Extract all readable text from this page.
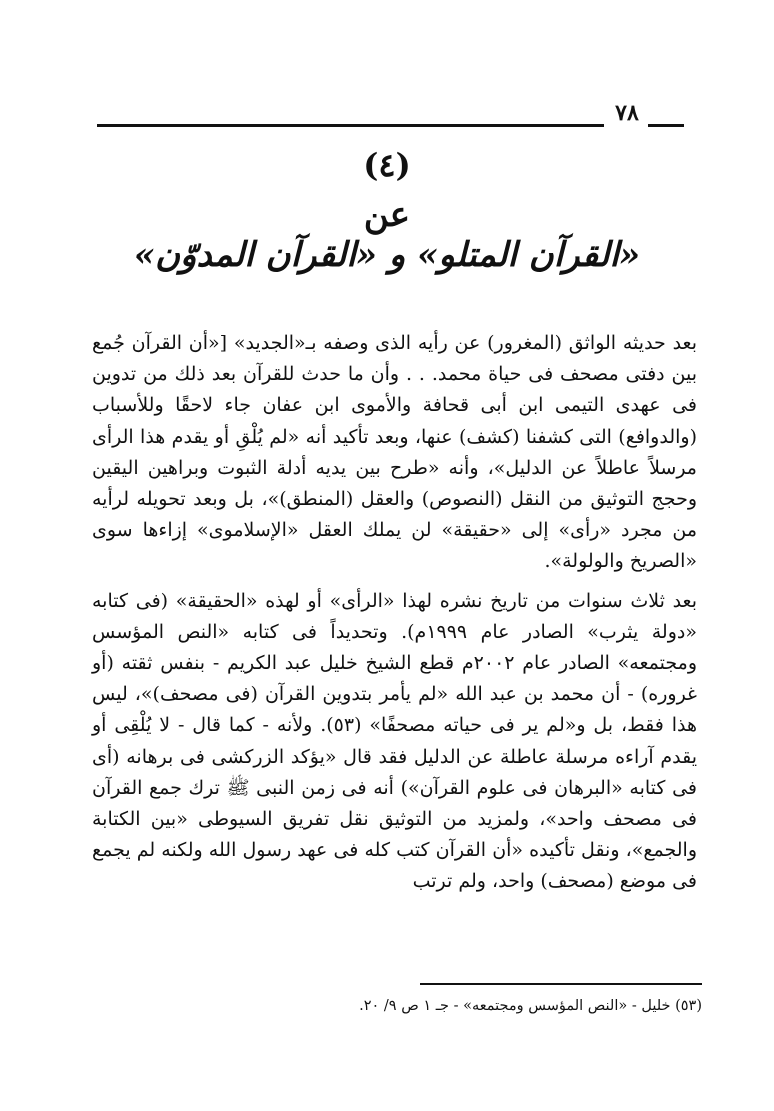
٧٨
(٤)
عن
«القرآن المتلو» و «القرآن المدوّن»

بعد حديثه الواثق (المغرور) عن رأيه الذى وصفه بـ«الجديد» [«أن القرآن جُمع بين دفتى مصحف فى حياة محمد. . . وأن ما حدث للقرآن بعد ذلك من تدوين فى عهدى التيمى ابن أبى قحافة والأموى ابن عفان جاء لاحقًا وللأسباب (والدوافع) التى كشفنا (كشف) عنها، وبعد تأكيد أنه «لم يُلْقِ أو يقدم هذا الرأى مرسلاً عاطلاً عن الدليل»، وأنه «طرح بين يديه أدلة الثبوت وبراهين اليقين وحجج التوثيق من النقل (النصوص) والعقل (المنطق)»، بل وبعد تحويله لرأيه من مجرد «رأى» إلى «حقيقة» لن يملك العقل «الإسلاموى» إزاءها سوى «الصريخ والولولة».

بعد ثلاث سنوات من تاريخ نشره لهذا «الرأى» أو لهذه «الحقيقة» (فى كتابه «دولة يثرب» الصادر عام ١٩٩٩م). وتحديداً فى كتابه «النص المؤسس ومجتمعه» الصادر عام ٢٠٠٢م قطع الشيخ خليل عبد الكريم - بنفس ثقته (أو غروره) - أن محمد بن عبد الله «لم يأمر بتدوين القرآن (فى مصحف)»، ليس هذا فقط، بل و«لم ير فى حياته مصحفًا» (٥٣). ولأنه - كما قال - لا يُلْقِى أو يقدم آراءه مرسلة عاطلة عن الدليل فقد قال «يؤكد الزركشى فى برهانه (أى فى كتابه «البرهان فى علوم القرآن») أنه فى زمن النبى ﷺ ترك جمع القرآن فى مصحف واحد»، ولمزيد من التوثيق نقل تفريق السيوطى «بين الكتابة والجمع»، ونقل تأكيده «أن القرآن كتب كله فى عهد رسول الله ولكنه لم يجمع فى موضع (مصحف) واحد، ولم ترتب

(٥٣) خليل - «النص المؤسس ومجتمعه» - جـ ١ ص ٩/ ٢٠.
